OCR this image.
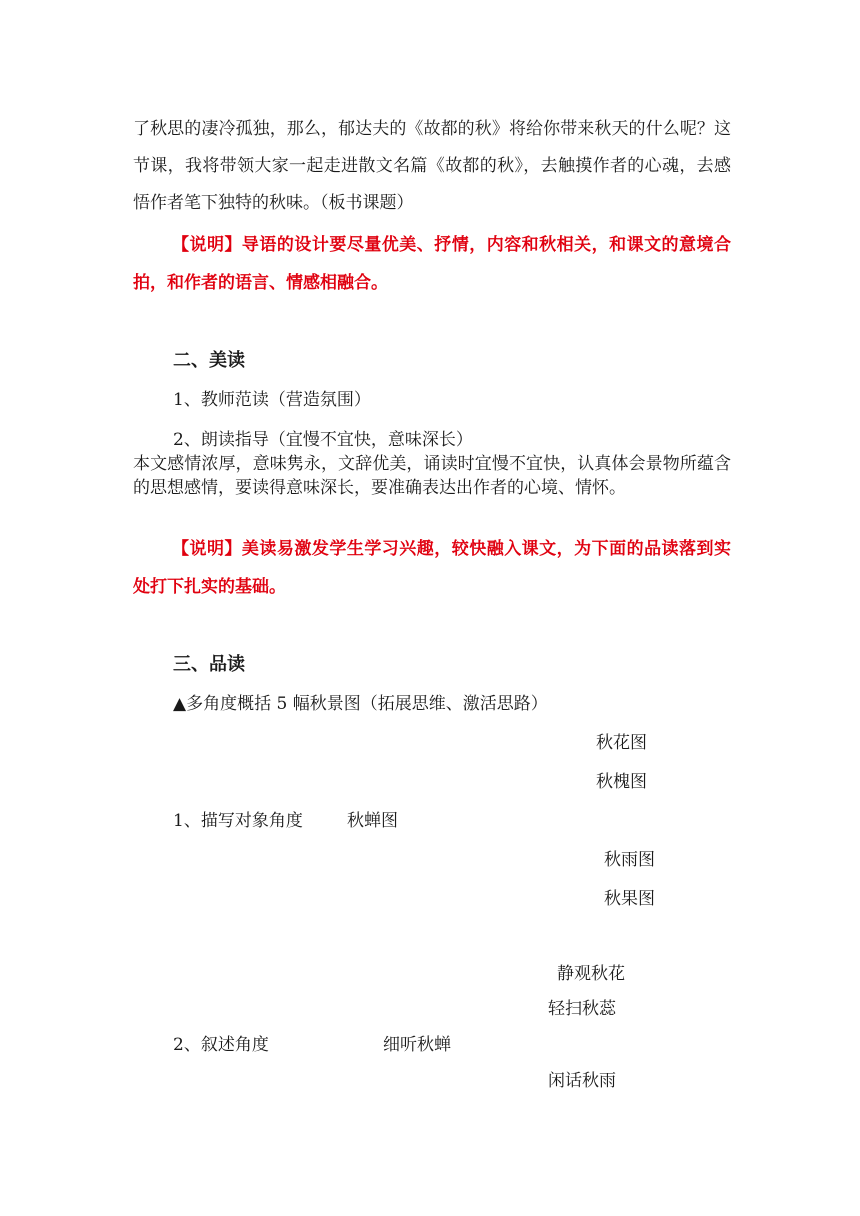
了秋思的凄冷孤独，那么，郁达夫的《故都的秋》将给你带来秋天的什么呢？这节课，我将带领大家一起走进散文名篇《故都的秋》，去触摸作者的心魂，去感悟作者笔下独特的秋味。（板书课题）
【说明】导语的设计要尽量优美、抒情，内容和秋相关，和课文的意境合拍，和作者的语言、情感相融合。
二、美读
1、教师范读（营造氛围）
2、朗读指导（宜慢不宜快，意味深长）
本文感情浓厚，意味隽永，文辞优美，诵读时宜慢不宜快，认真体会景物所蕴含的思想感情，要读得意味深长，要准确表达出作者的心境、情怀。
【说明】美读易激发学生学习兴趣，较快融入课文，为下面的品读落到实处打下扎实的基础。
三、品读
▲多角度概括 5 幅秋景图（拓展思维、激活思路）
秋花图
秋槐图
1、描写对象角度	秋蝉图
秋雨图
秋果图
静观秋花
轻扫秋蕊
2、叙述角度	细听秋蝉
闲话秋雨
